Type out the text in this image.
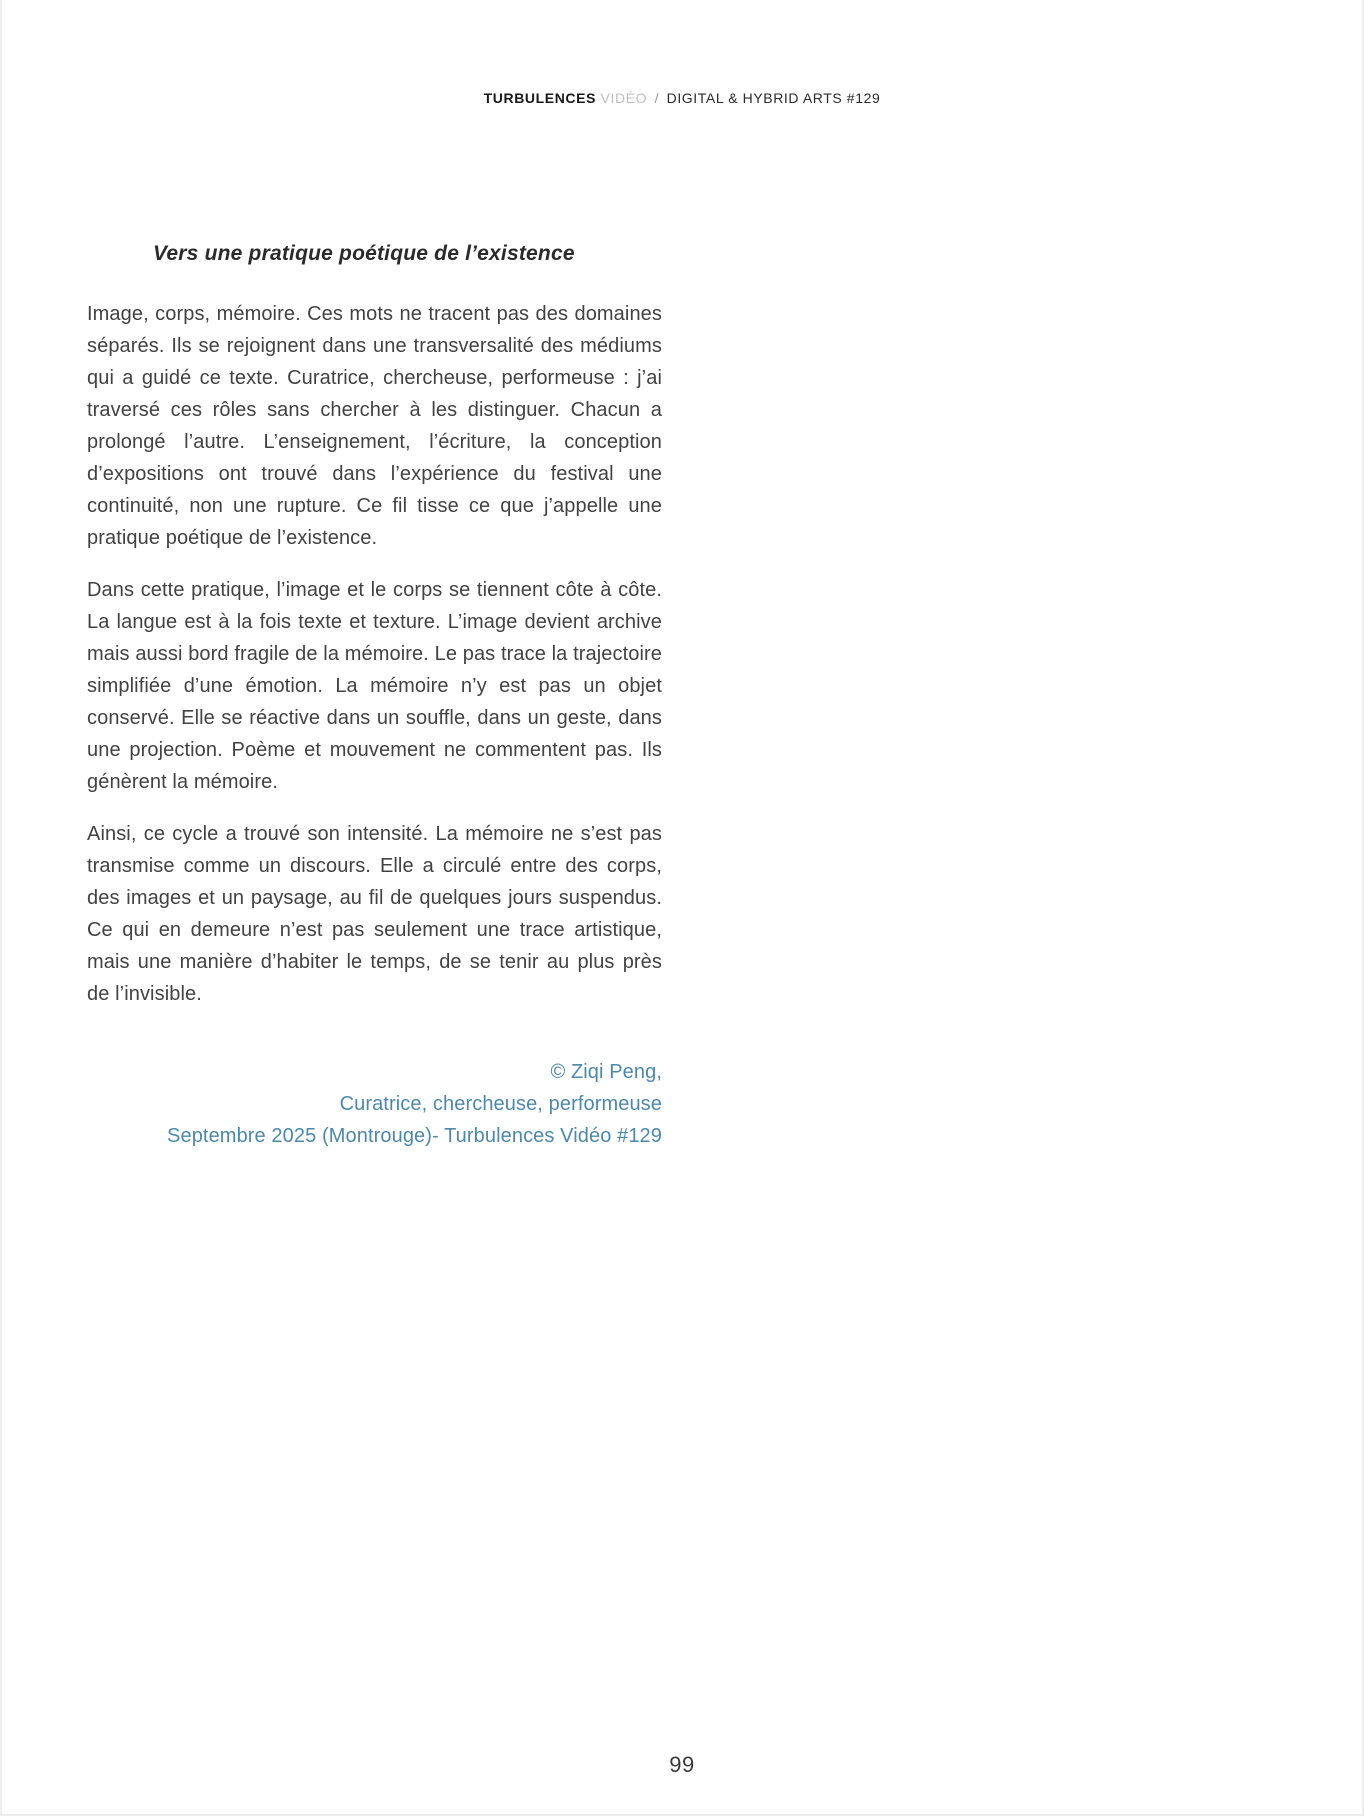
TURBULENCES VIDÉO / DIGITAL & HYBRID ARTS #129
Vers une pratique poétique de l’existence

Image, corps, mémoire. Ces mots ne tracent pas des domaines séparés. Ils se rejoignent dans une transversalité des médiums qui a guidé ce texte. Curatrice, chercheuse, performeuse : j’ai traversé ces rôles sans chercher à les distinguer. Chacun a prolongé l’autre. L’enseignement, l’écriture, la conception d’expositions ont trouvé dans l’expérience du festival une continuité, non une rupture. Ce fil tisse ce que j’appelle une pratique poétique de l’existence.

Dans cette pratique, l’image et le corps se tiennent côte à côte. La langue est à la fois texte et texture. L’image devient archive mais aussi bord fragile de la mémoire. Le pas trace la trajectoire simplifiée d’une émotion. La mémoire n’y est pas un objet conservé. Elle se réactive dans un souffle, dans un geste, dans une projection. Poème et mouvement ne commentent pas. Ils génèrent la mémoire.

Ainsi, ce cycle a trouvé son intensité. La mémoire ne s’est pas transmise comme un discours. Elle a circulé entre des corps, des images et un paysage, au fil de quelques jours suspendus. Ce qui en demeure n’est pas seulement une trace artistique, mais une manière d’habiter le temps, de se tenir au plus près de l’invisible.

© Ziqi Peng,
Curatrice, chercheuse, performeuse
Septembre 2025 (Montrouge)- Turbulences Vidéo #129
99
